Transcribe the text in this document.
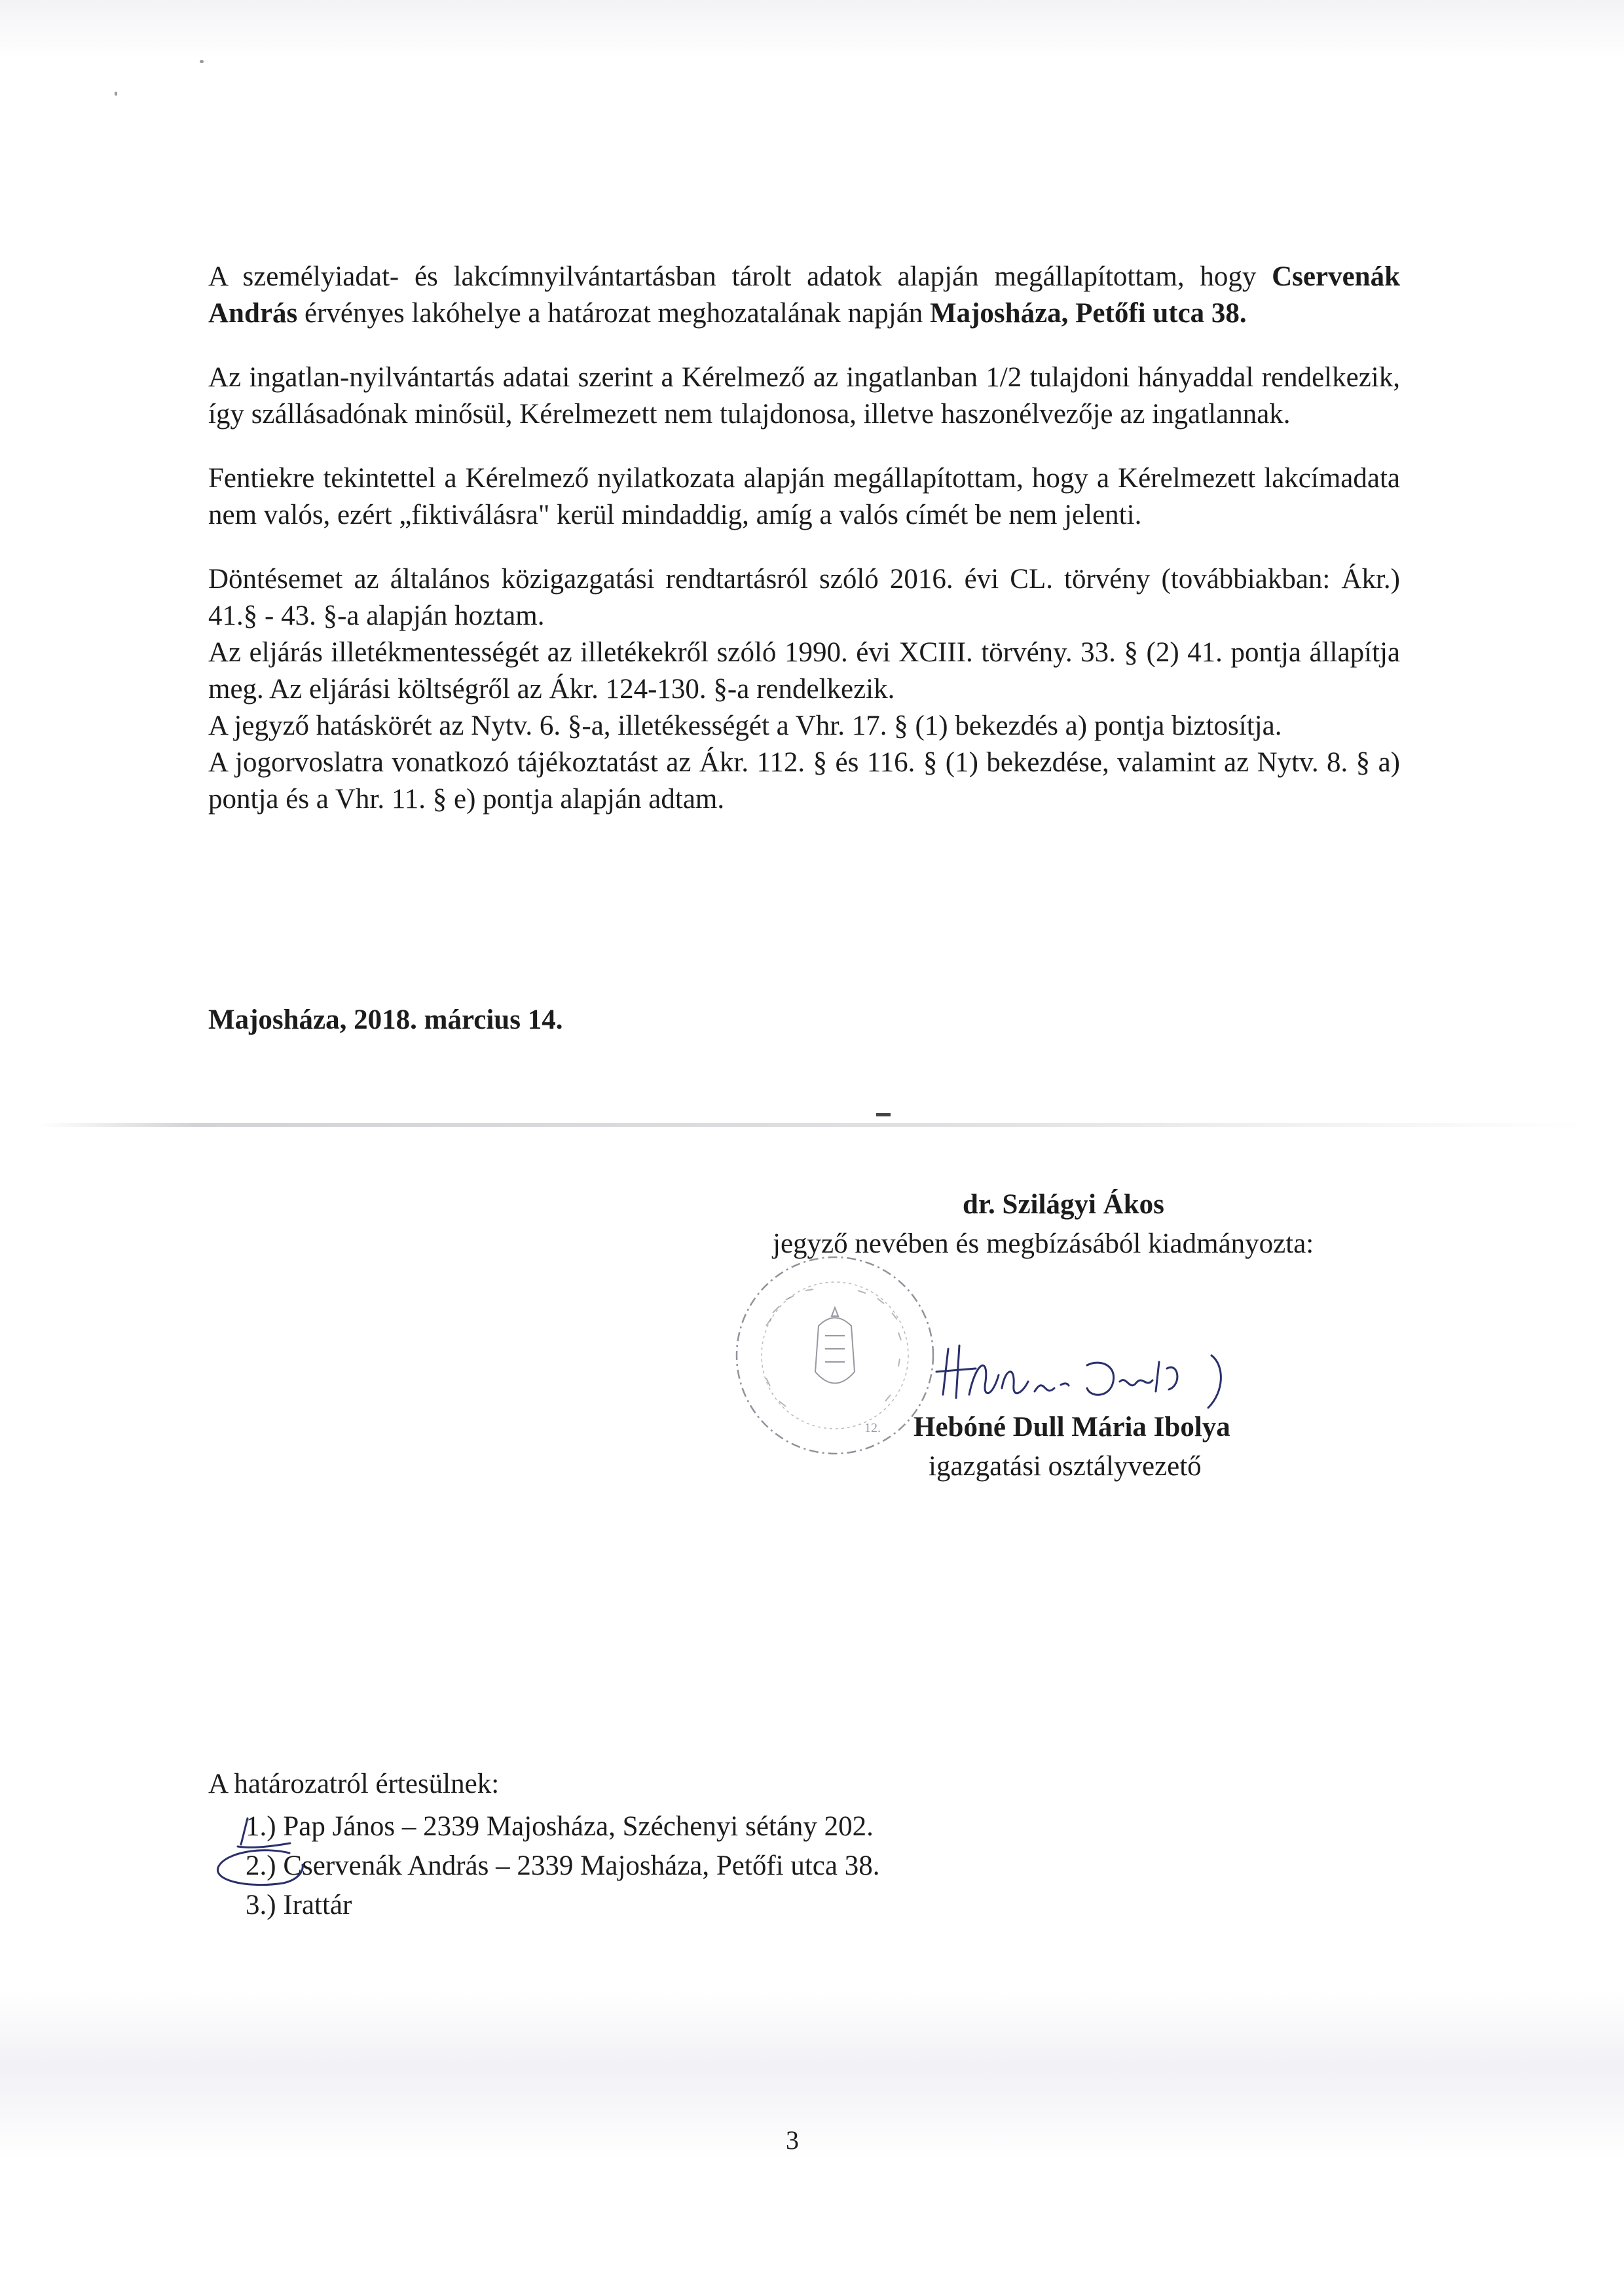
A személyiadat- és lakcímnyilvántartásban tárolt adatok alapján megállapítottam, hogy Cservenák András érvényes lakóhelye a határozat meghozatalának napján Majosháza, Petőfi utca 38.

Az ingatlan-nyilvántartás adatai szerint a Kérelmező az ingatlanban 1/2 tulajdoni hányaddal rendelkezik, így szállásadónak minősül, Kérelmezett nem tulajdonosa, illetve haszonélvezője az ingatlannak.

Fentiekre tekintettel a Kérelmező nyilatkozata alapján megállapítottam, hogy a Kérelmezett lakcímadata nem valós, ezért „fiktiválásra" kerül mindaddig, amíg a valós címét be nem jelenti.

Döntésemet az általános közigazgatási rendtartásról szóló 2016. évi CL. törvény (továbbiakban: Ákr.) 41.§ - 43. §-a alapján hoztam.

Az eljárás illetékmentességét az illetékekről szóló 1990. évi XCIII. törvény. 33. § (2) 41. pontja állapítja meg. Az eljárási költségről az Ákr. 124-130. §-a rendelkezik.

A jegyző hatáskörét az Nytv. 6. §-a, illetékességét a Vhr. 17. § (1) bekezdés a) pontja biztosítja.

A jogorvoslatra vonatkozó tájékoztatást az Ákr. 112. § és 116. § (1) bekezdése, valamint az Nytv. 8. § a) pontja és a Vhr. 11. § e) pontja alapján adtam.

Majosháza, 2018. március 14.
dr. Szilágyi Ákos
jegyző nevében és megbízásából kiadmányozta:
12. Hebóné Dull Mária Ibolya
igazgatási osztályvezető
A határozatról értesülnek:
1.) Pap János – 2339 Majosháza, Széchenyi sétány 202.
2.) Cservenák András – 2339 Majosháza, Petőfi utca 38.
3.) Irattár
3
